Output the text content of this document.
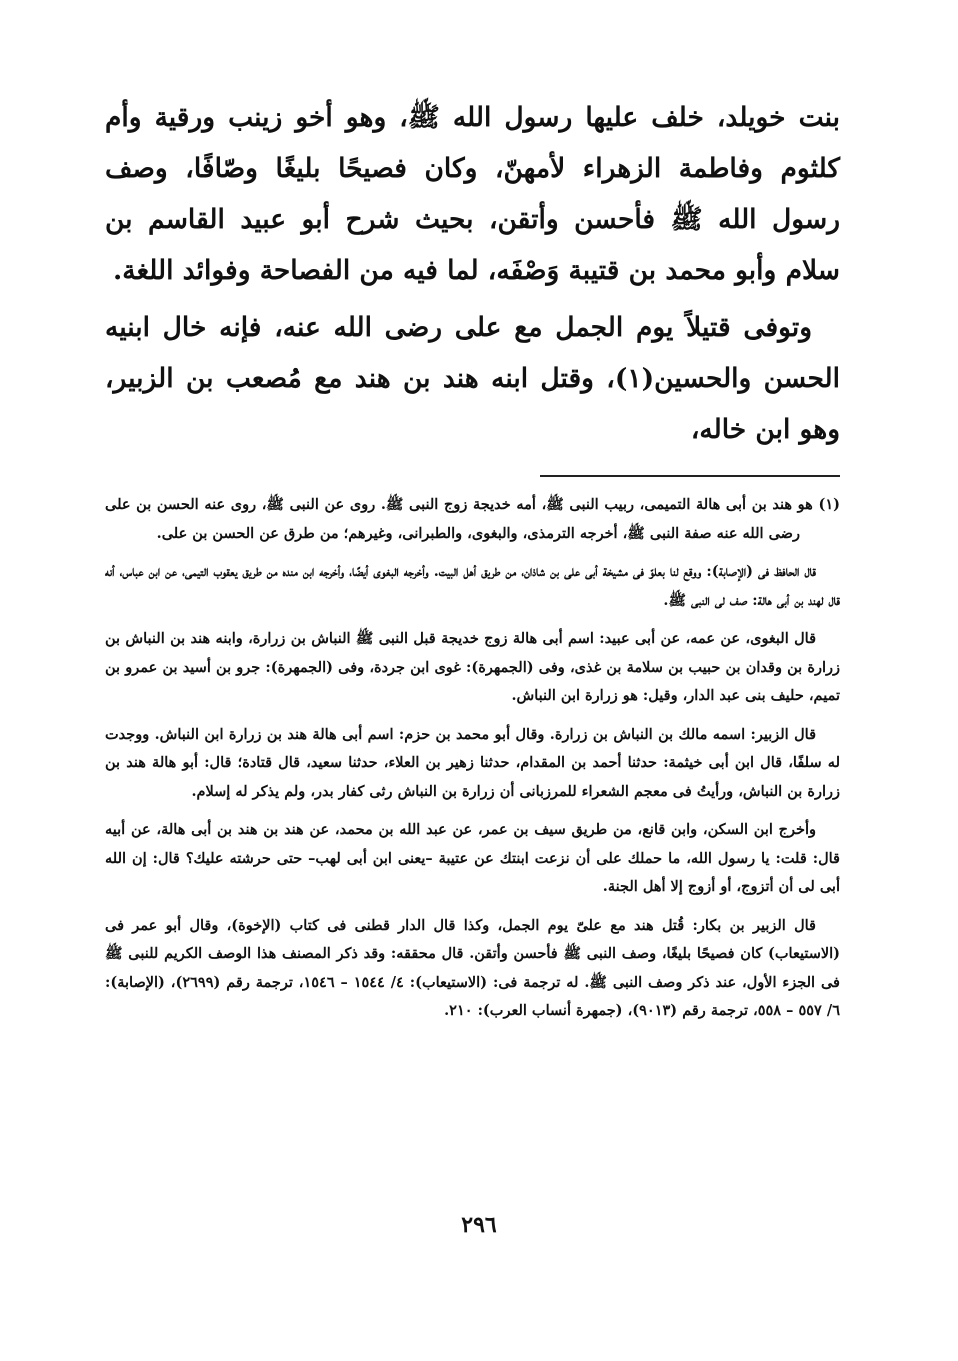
بنت خويلد، خلف عليها رسول الله ﷺ، وهو أخو زينب ورقية وأم كلثوم وفاطمة الزهراء لأمهنّ، وكان فصيحًا بليغًا وصّافًا، وصف رسول الله ﷺ فأحسن وأتقن، بحيث شرح أبو عبيد القاسم بن سلام وأبو محمد بن قتيبة وَصْفَه، لما فيه من الفصاحة وفوائد اللغة.

وتوفى قتيلاً يوم الجمل مع على رضى الله عنه، فإنه خال ابنيه الحسن والحسين(١)، وقتل ابنه هند بن هند مع مُصعب بن الزبير، وهو ابن خاله،

(١) هو هند بن أبى هالة التميمى، ربيب النبى ﷺ، أمه خديجة زوج النبى ﷺ. روى عن النبى ﷺ، روى عنه الحسن بن على رضى الله عنه صفة النبى ﷺ، أخرجه الترمذى، والبغوى، والطبرانى، وغيرهم؛ من طرق عن الحسن بن على.

قال الحافظ فى (الإصابة): ووقع لنا بعلوّ فى مشيخة أبى على بن شاذان، من طريق أهل البيت. وأخرجه البغوى أيضًا، وأخرجه ابن منده من طريق يعقوب التيمى، عن ابن عباس، أنه قال لهند بن أبى هالة: صف لى النبى ﷺ.

قال البغوى، عن عمه، عن أبى عبيد: اسم أبى هالة زوج خديجة قبل النبى ﷺ النباش بن زرارة، وابنه هند بن النباش بن زرارة بن وقدان بن حبيب بن سلامة بن غذى، وفى (الجمهرة): غوى ابن جردة، وفى (الجمهرة): جرو بن أسيد بن عمرو بن تميم، حليف بنى عبد الدار، وقيل: هو زرارة ابن النباش.

قال الزبير: اسمه مالك بن النباش بن زرارة. وقال أبو محمد بن حزم: اسم أبى هالة هند بن زرارة ابن النباش. ووجدت له سلفًا، قال ابن أبى خيثمة: حدثنا أحمد بن المقدام، حدثنا زهير بن العلاء، حدثنا سعيد، قال قتادة؛ قال: أبو هالة هند بن زرارة بن النباش، ورأيتُ فى معجم الشعراء للمرزبانى أن زرارة بن النباش رثى كفار بدر، ولم يذكر له إسلام.

وأخرج ابن السكن، وابن قانع، من طريق سيف بن عمر، عن عبد الله بن محمد، عن هند بن هند بن أبى هالة، عن أبيه قال: قلت: يا رسول الله، ما حملك على أن نزعت ابنتك عن عتيبة –يعنى ابن أبى لهب– حتى حرشته عليك؟ قال: إن الله أبى لى أن أتزوج، أو أزوج إلا أهل الجنة.

قال الزبير بن بكار: قُتل هند مع علىّ يوم الجمل، وكذا قال الدار قطنى فى كتاب (الإخوة)، وقال أبو عمر فى (الاستيعاب) كان فصيحًا بليغًا، وصف النبى ﷺ فأحسن وأتقن. قال محققه: وقد ذكر المصنف هذا الوصف الكريم للنبى ﷺ فى الجزء الأول، عند ذكر وصف النبى ﷺ. له ترجمة فى: (الاستيعاب): ٤/ ١٥٤٤ – ١٥٤٦، ترجمة رقم (٢٦٩٩)، (الإصابة): ٦/ ٥٥٧ – ٥٥٨، ترجمة رقم (٩٠١٣)، (جمهرة أنساب العرب): ٢١٠.

٢٩٦
